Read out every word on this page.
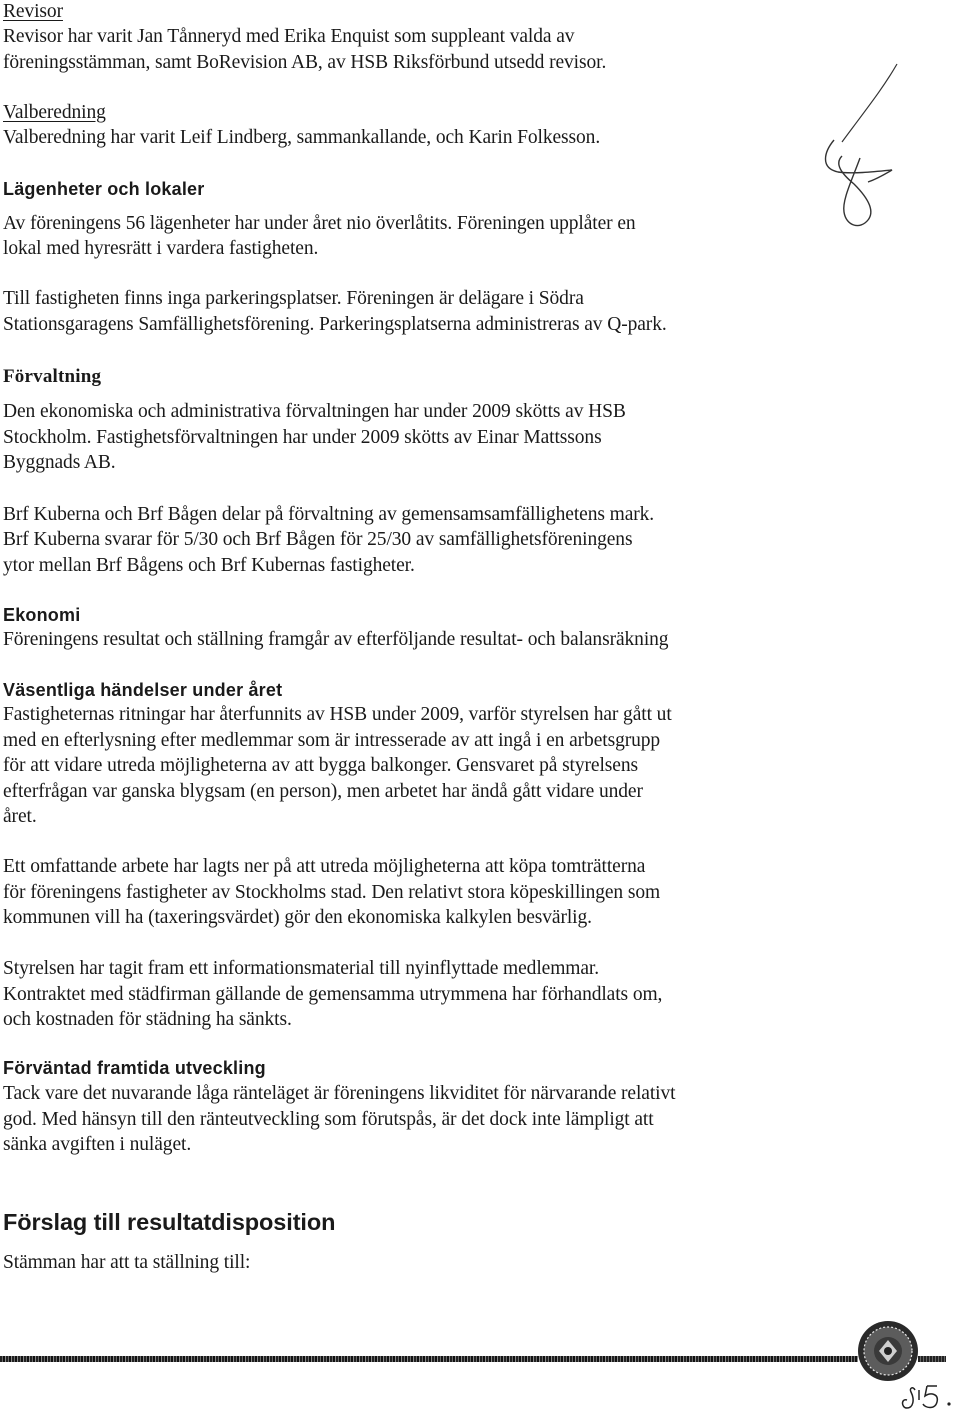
Revisor
Revisor har varit Jan Tånneryd med Erika Enquist som suppleant valda av
föreningsstämman, samt BoRevision AB, av HSB Riksförbund utsedd revisor.
Valberedning
Valberedning har varit Leif Lindberg, sammankallande, och Karin Folkesson.
Lägenheter och lokaler
Av föreningens 56 lägenheter har under året nio överlåtits. Föreningen upplåter en
lokal med hyresrätt i vardera fastigheten.
Till fastigheten finns inga parkeringsplatser. Föreningen är delägare i Södra
Stationsgaragens Samfällighetsförening. Parkeringsplatserna administreras av Q-park.
Förvaltning
Den ekonomiska och administrativa förvaltningen har under 2009 skötts av HSB
Stockholm. Fastighetsförvaltningen har under 2009 skötts av Einar Mattssons
Byggnads AB.
Brf Kuberna och Brf Bågen delar på förvaltning av gemensamsamfällighetens mark.
Brf Kuberna svarar för 5/30 och Brf Bågen för 25/30 av samfällighetsföreningens
ytor mellan Brf Bågens och Brf Kubernas fastigheter.
Ekonomi
Föreningens resultat och ställning framgår av efterföljande resultat- och balansräkning
Väsentliga händelser under året
Fastigheternas ritningar har återfunnits av HSB under 2009, varför styrelsen har gått ut
med en efterlysning efter medlemmar som är intresserade av att ingå i en arbetsgrupp
för att vidare utreda möjligheterna av att bygga balkonger. Gensvaret på styrelsens
efterfrågan var ganska blygsam (en person), men arbetet har ändå gått vidare under
året.
Ett omfattande arbete har lagts ner på att utreda möjligheterna att köpa tomträtterna
för föreningens fastigheter av Stockholms stad. Den relativt stora köpeskillingen som
kommunen vill ha (taxeringsvärdet) gör den ekonomiska kalkylen besvärlig.
Styrelsen har tagit fram ett informationsmaterial till nyinflyttade medlemmar.
Kontraktet med städfirman gällande de gemensamma utrymmena har förhandlats om,
och kostnaden för städning ha sänkts.
Förväntad framtida utveckling
Tack vare det nuvarande låga ränteläget är föreningens likviditet för närvarande relativt
god. Med hänsyn till den ränteutveckling som förutspås, är det dock inte lämpligt att
sänka avgiften i nuläget.
Förslag till resultatdisposition
Stämman har att ta ställning till:
